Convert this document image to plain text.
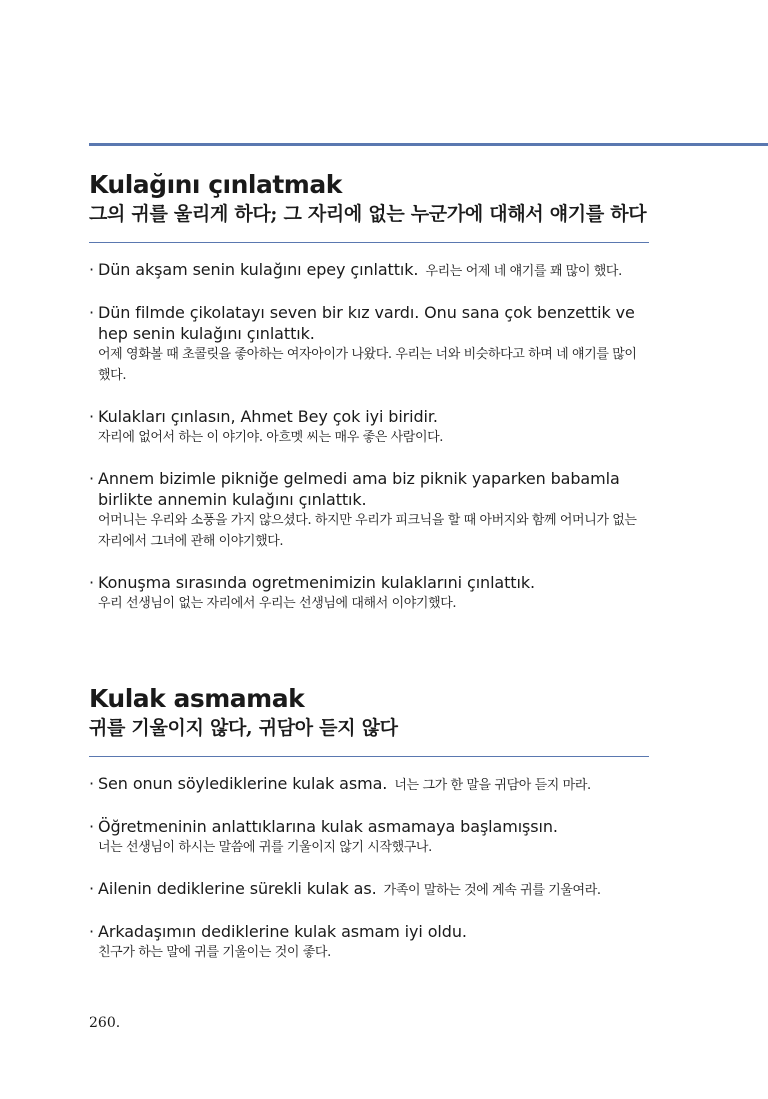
Kulağını çınlatmak
그의 귀를 울리게 하다; 그 자리에 없는 누군가에 대해서 얘기를 하다
· Dün akşam senin kulağını epey çınlattık. 우리는 어제 네 얘기를 꽤 많이 했다.
· Dün filmde çikolatayı seven bir kız vardı. Onu sana çok benzettik ve hep senin kulağını çınlattık.
어제 영화볼 때 초콜릿을 좋아하는 여자아이가 나왔다. 우리는 너와 비슷하다고 하며 네 얘기를 많이 했다.
· Kulakları çınlasın, Ahmet Bey çok iyi biridir.
자리에 없어서 하는 이 야기야. 아흐멧 씨는 매우 좋은 사람이다.
· Annem bizimle pikniğe gelmedi ama biz piknik yaparken babamla birlikte annemin kulağını çınlattık.
어머니는 우리와 소풍을 가지 않으셨다. 하지만 우리가 피크닉을 할 때 아버지와 함께 어머니가 없는 자리에서 그녀에 관해 이야기했다.
· Konuşma sırasında ogretmenimizin kulaklarıni çınlattık.
우리 선생님이 없는 자리에서 우리는 선생님에 대해서 이야기했다.
Kulak asmamak
귀를 기울이지 않다, 귀담아 듣지 않다
· Sen onun söylediklerine kulak asma. 너는 그가 한 말을 귀담아 듣지 마라.
· Öğretmeninin anlattıklarına kulak asmamaya başlamışsın.
너는 선생님이 하시는 말씀에 귀를 기울이지 않기 시작했구나.
· Ailenin dediklerine sürekli kulak as. 가족이 말하는 것에 계속 귀를 기울여라.
· Arkadaşımın dediklerine kulak asmam iyi oldu.
친구가 하는 말에 귀를 기울이는 것이 좋다.
260.
